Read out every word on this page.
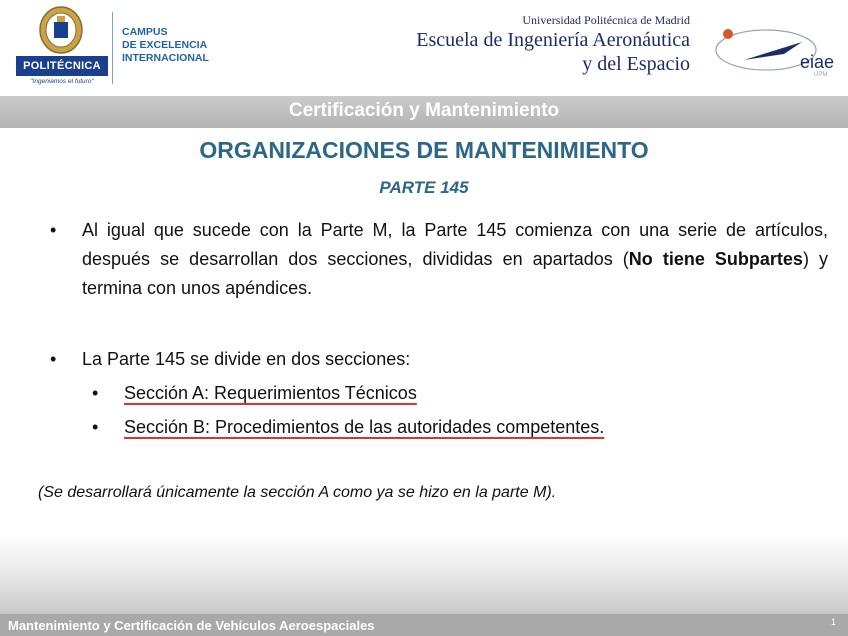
POLITÉCNICA
"Ingeniamos el futuro"
CAMPUS
DE EXCELENCIA
INTERNACIONAL
Universidad Politécnica de Madrid
Escuela de Ingeniería Aeronáutica
y del Espacio	eiae
UPM
Certificación y Mantenimiento
ORGANIZACIONES DE MANTENIMIENTO
PARTE 145
• Al igual que sucede con la Parte M, la Parte 145 comienza con una serie de artículos, después se desarrollan dos secciones, divididas en apartados (No tiene Subpartes) y termina con unos apéndices.
• La Parte 145 se divide en dos secciones:
• Sección A: Requerimientos Técnicos
• Sección B: Procedimientos de las autoridades competentes.
(Se desarrollará únicamente la sección A como ya se hizo en la parte M).
Mantenimiento y Certificación de Vehículos Aeroespaciales	1
